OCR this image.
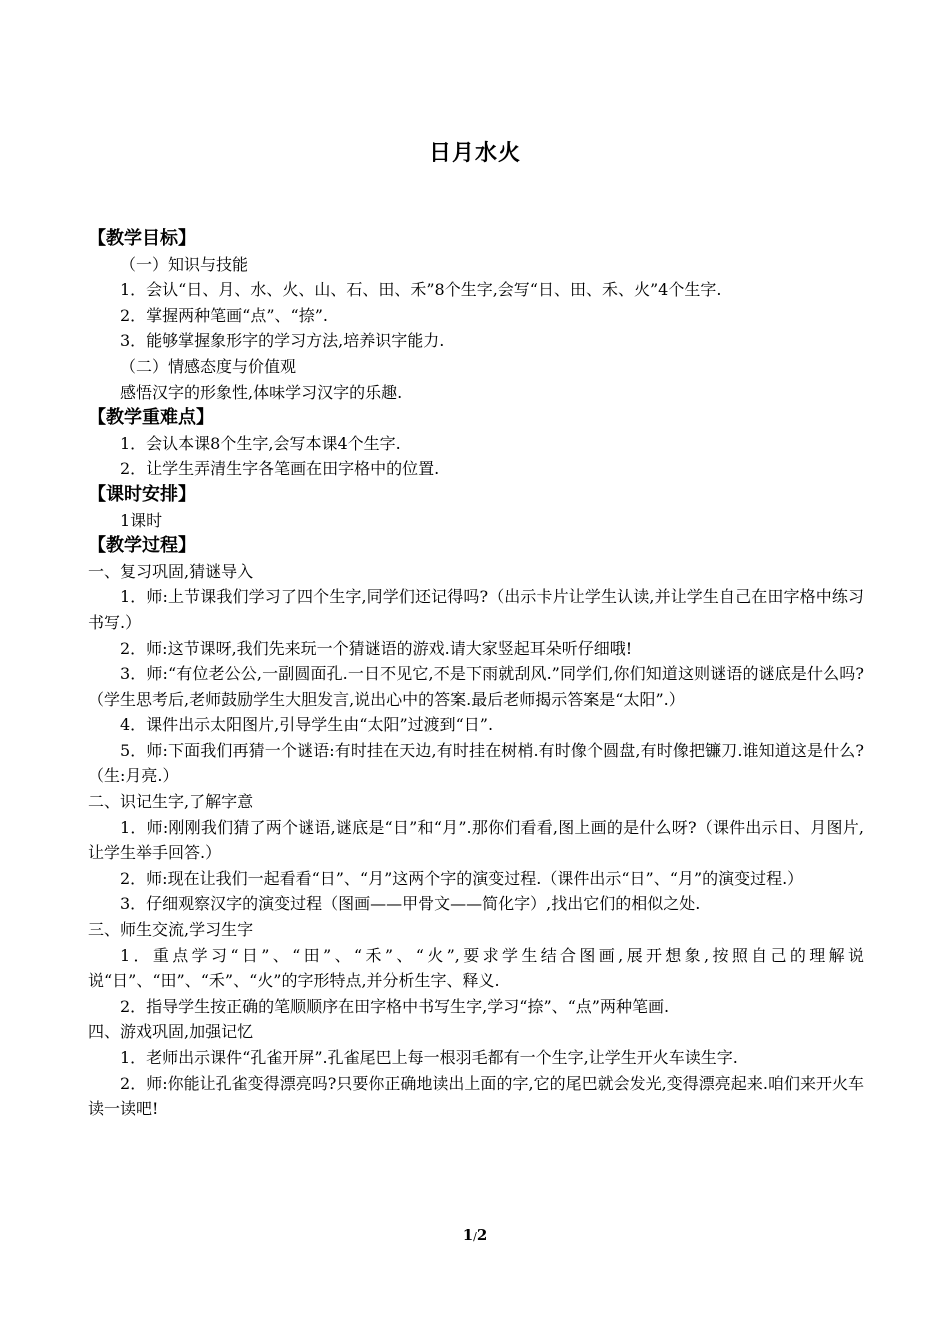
日月水火
【教学目标】
（一）知识与技能
1．会认“日、月、水、火、山、石、田、禾”8个生字,会写“日、田、禾、火”4个生字.
2．掌握两种笔画“点”、“捺”.
3．能够掌握象形字的学习方法,培养识字能力.
（二）情感态度与价值观
感悟汉字的形象性,体味学习汉字的乐趣.
【教学重难点】
1．会认本课8个生字,会写本课4个生字.
2．让学生弄清生字各笔画在田字格中的位置.
【课时安排】
1课时
【教学过程】
一、复习巩固,猜谜导入
1．师:上节课我们学习了四个生字,同学们还记得吗?（出示卡片让学生认读,并让学生自己在田字格中练习书写.）
2．师:这节课呀,我们先来玩一个猜谜语的游戏.请大家竖起耳朵听仔细哦!
3．师:“有位老公公,一副圆面孔.一日不见它,不是下雨就刮风.”同学们,你们知道这则谜语的谜底是什么吗?（学生思考后,老师鼓励学生大胆发言,说出心中的答案.最后老师揭示答案是“太阳”.）
4．课件出示太阳图片,引导学生由“太阳”过渡到“日”.
5．师:下面我们再猜一个谜语:有时挂在天边,有时挂在树梢.有时像个圆盘,有时像把镰刀.谁知道这是什么?（生:月亮.）
二、识记生字,了解字意
1．师:刚刚我们猜了两个谜语,谜底是“日”和“月”.那你们看看,图上画的是什么呀?（课件出示日、月图片,让学生举手回答.）
2．师:现在让我们一起看看“日”、“月”这两个字的演变过程.（课件出示“日”、“月”的演变过程.）
3．仔细观察汉字的演变过程（图画——甲骨文——简化字）,找出它们的相似之处.
三、师生交流,学习生字
1．重点学习“日”、“田”、“禾”、“火”,要求学生结合图画,展开想象,按照自己的理解说说“日”、“田”、“禾”、“火”的字形特点,并分析生字、释义.
2．指导学生按正确的笔顺顺序在田字格中书写生字,学习“捺”、“点”两种笔画.
四、游戏巩固,加强记忆
1．老师出示课件“孔雀开屏”.孔雀尾巴上每一根羽毛都有一个生字,让学生开火车读生字.
2．师:你能让孔雀变得漂亮吗?只要你正确地读出上面的字,它的尾巴就会发光,变得漂亮起来.咱们来开火车读一读吧!
1/2
